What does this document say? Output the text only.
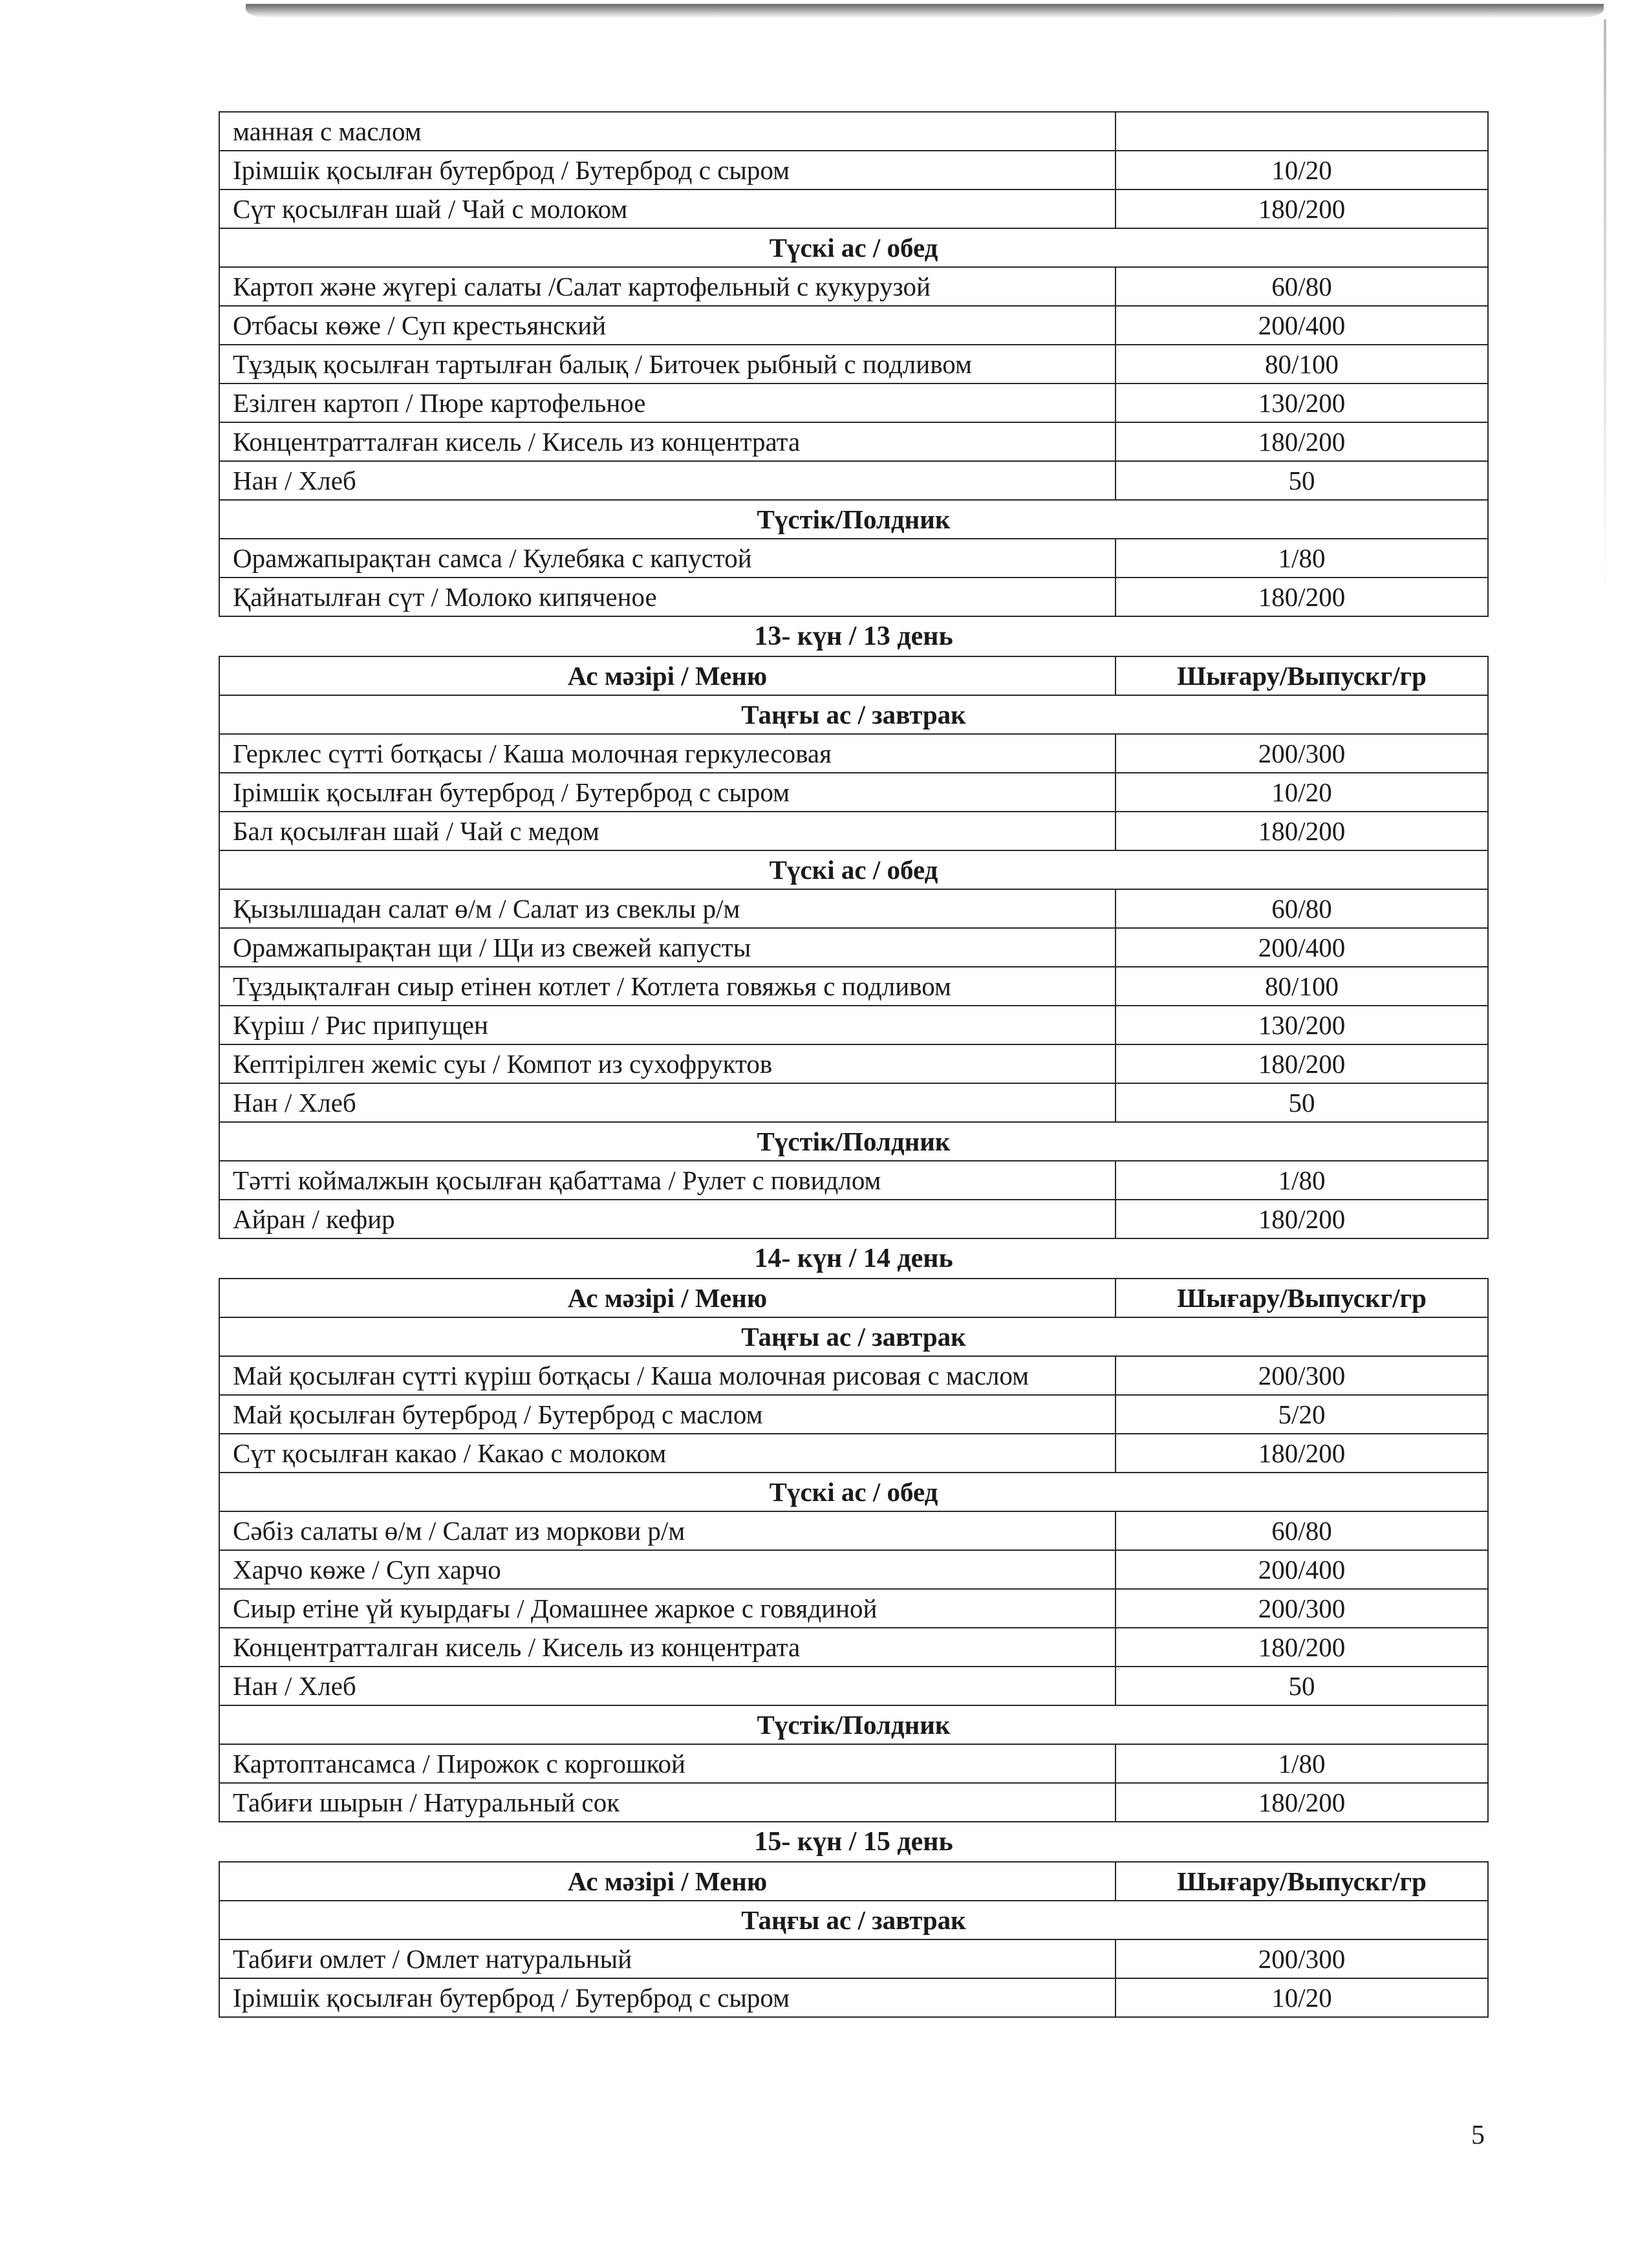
манная с маслом	
Ірімшік қосылған бутерброд / Бутерброд с сыром	10/20
Сүт қосылған шай / Чай с молоком	180/200
Түскі ас / обед	
Картоп және жүгері салаты /Салат картофельный с кукурузой	60/80
Отбасы көже / Суп крестьянский	200/400
Тұздық қосылған тартылған балық / Биточек рыбный с подливом	80/100
Езілген картоп / Пюре картофельное	130/200
Концентратталған кисель / Кисель из концентрата	180/200
Нан / Хлеб	50
Түстік/Полдник	
Орамжапырақтан самса / Кулебяка с капустой	1/80
Қайнатылған сүт / Молоко кипяченое	180/200
13- күн / 13 день
Ас мәзірі / Меню	Шығару/Выпускг/гр
Таңғы ас / завтрак	
Герклес сүтті ботқасы / Каша молочная геркулесовая	200/300
Ірімшік қосылған бутерброд / Бутерброд с сыром	10/20
Бал қосылған шай / Чай с медом	180/200
Түскі ас / обед	
Қызылшадан салат ө/м / Салат из свеклы р/м	60/80
Орамжапырақтан щи / Щи из свежей капусты	200/400
Тұздықталған сиыр етінен котлет / Котлета говяжья с подливом	80/100
Күріш / Рис припущен	130/200
Кептірілген жеміс суы / Компот из сухофруктов	180/200
Нан / Хлеб	50
Түстік/Полдник	
Тәтті коймалжын қосылған қабаттама / Рулет с повидлом	1/80
Айран / кефир	180/200
14- күн / 14 день
Ас мәзірі / Меню	Шығару/Выпускг/гр
Таңғы ас / завтрак	
Май қосылған сүтті күріш ботқасы / Каша молочная рисовая с маслом	200/300
Май қосылған бутерброд / Бутерброд с маслом	5/20
Сүт қосылған какао / Какао с молоком	180/200
Түскі ас / обед	
Сәбіз салаты ө/м / Салат из моркови р/м	60/80
Харчо көже / Суп харчо	200/400
Сиыр етіне үй куырдағы / Домашнее жаркое с говядиной	200/300
Концентратталган кисель / Кисель из концентрата	180/200
Нан / Хлеб	50
Түстік/Полдник	
Картоптансамса / Пирожок с коргошкой	1/80
Табиғи шырын / Натуральный сок	180/200
15- күн / 15 день
Ас мәзірі / Меню	Шығару/Выпускг/гр
Таңғы ас / завтрак	
Табиғи омлет / Омлет натуральный	200/300
Ірімшік қосылған бутерброд / Бутерброд с сыром	10/20
5
